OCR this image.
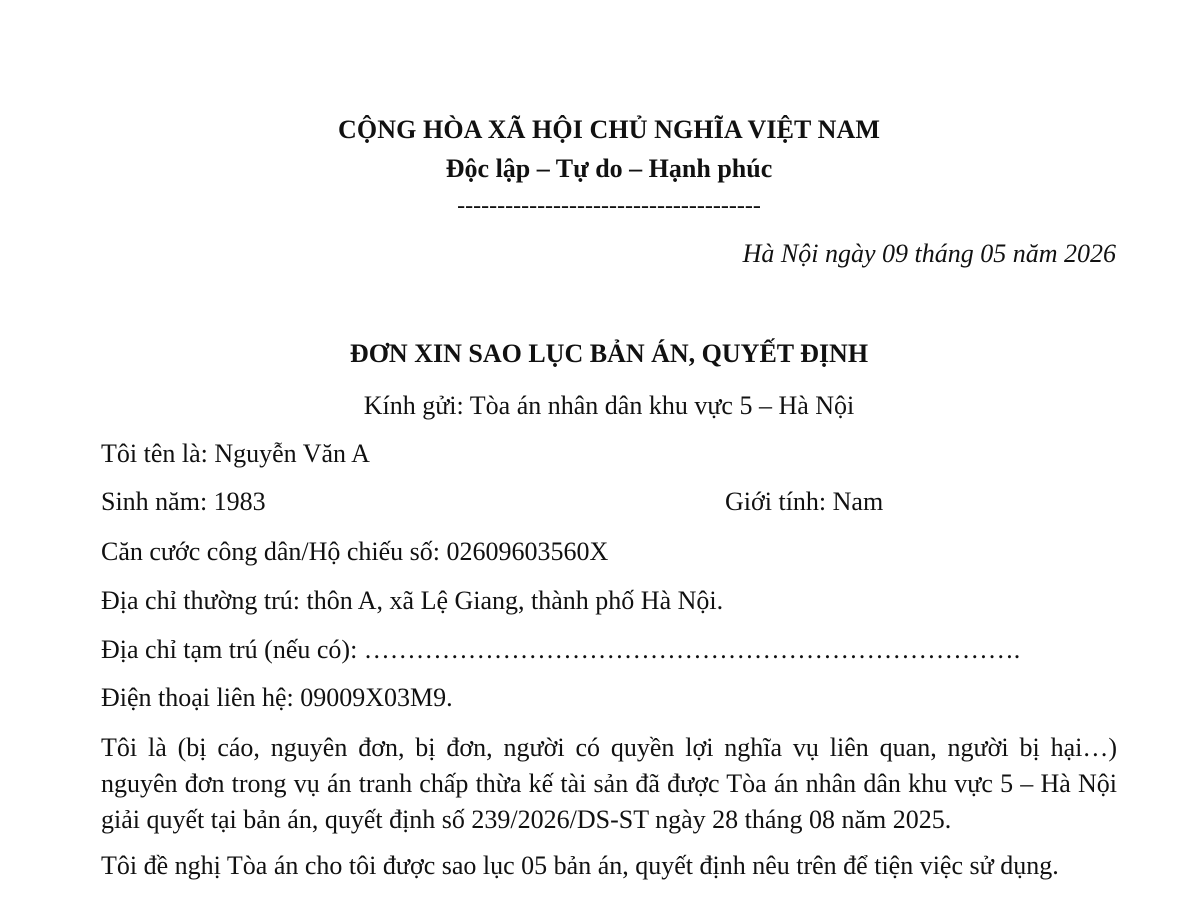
CỘNG HÒA XÃ HỘI CHỦ NGHĨA VIỆT NAM
Độc lập – Tự do – Hạnh phúc
--------------------------------------
Hà Nội ngày 09 tháng 05 năm 2026
ĐƠN XIN SAO LỤC BẢN ÁN, QUYẾT ĐỊNH
Kính gửi: Tòa án nhân dân khu vực 5 – Hà Nội
Tôi tên là: Nguyễn Văn A
Sinh năm: 1983	Giới tính: Nam
Căn cước công dân/Hộ chiếu số: 02609603560X
Địa chỉ thường trú: thôn A, xã Lệ Giang, thành phố Hà Nội.
Địa chỉ tạm trú (nếu có): ………………………………………………………………….
Điện thoại liên hệ: 09009X03M9.
Tôi là (bị cáo, nguyên đơn, bị đơn, người có quyền lợi nghĩa vụ liên quan, người bị hại…) nguyên đơn trong vụ án tranh chấp thừa kế tài sản đã được Tòa án nhân dân khu vực 5 – Hà Nội giải quyết tại bản án, quyết định số 239/2026/DS-ST ngày 28 tháng 08 năm 2025.
Tôi đề nghị Tòa án cho tôi được sao lục 05 bản án, quyết định nêu trên để tiện việc sử dụng.
